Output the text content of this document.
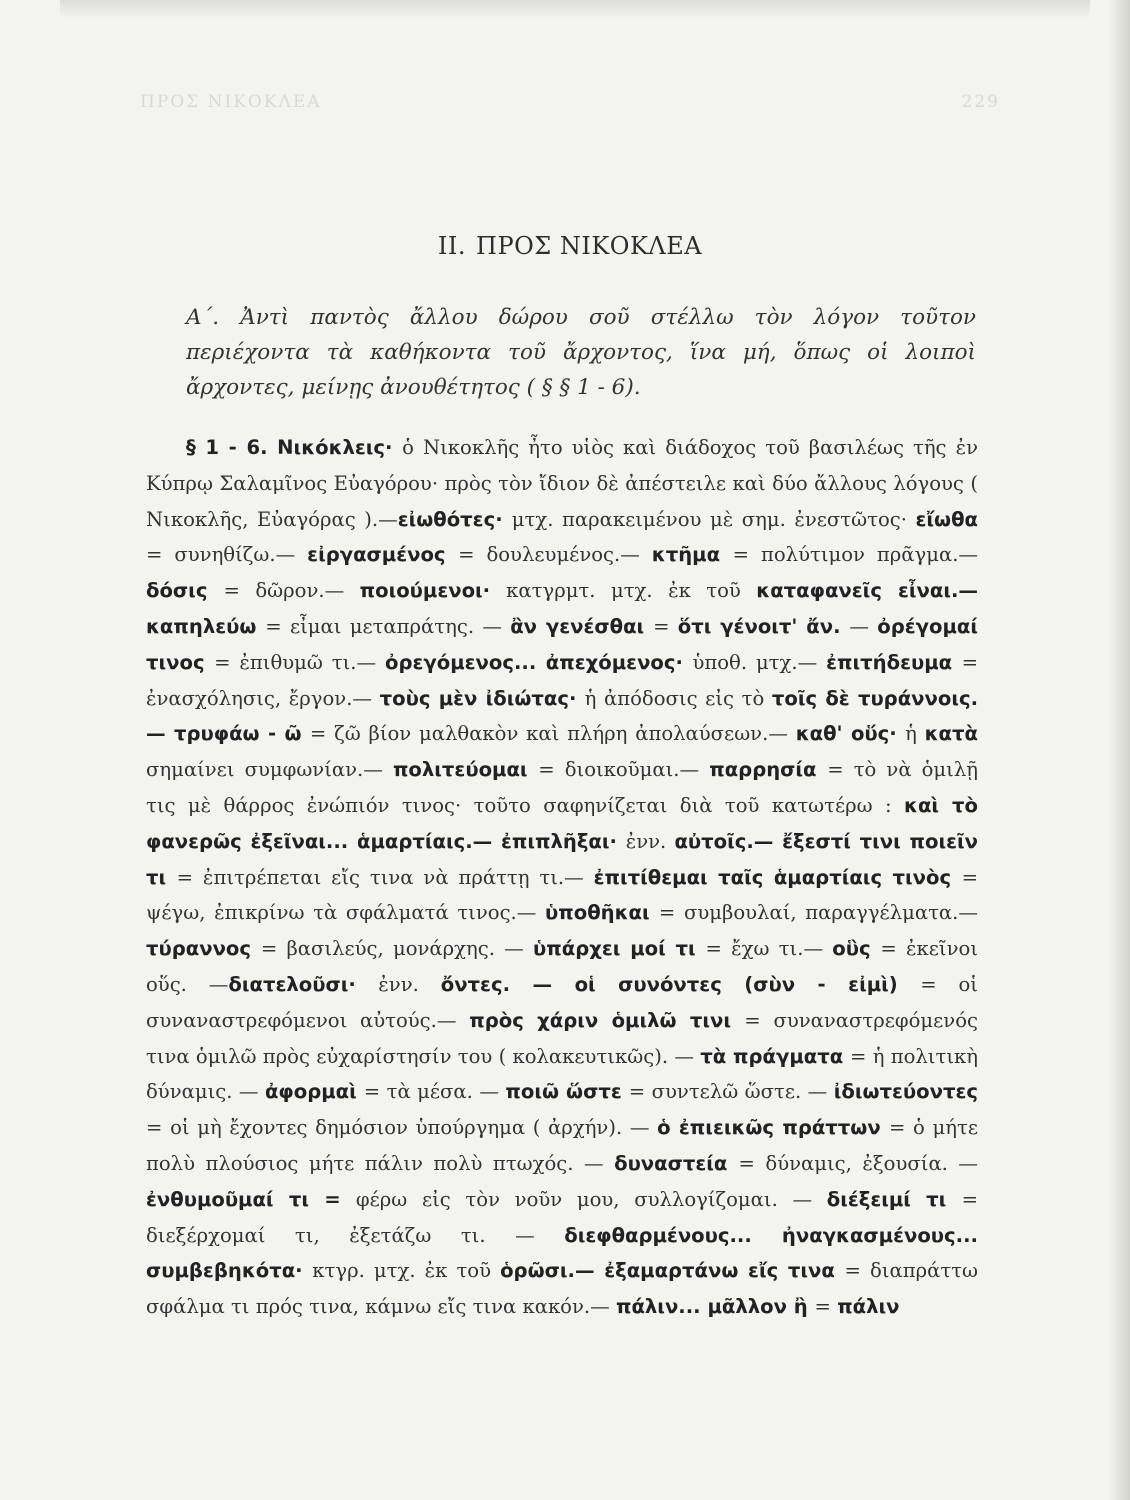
ΠΡΟΣ ΝΙΚΟΚΛΕΑ	229
ΙΙ. ΠΡΟΣ ΝΙΚΟΚΛΕΑ
Α΄. Ἀντὶ παντὸς ἄλλου δώρου σοῦ στέλλω τὸν λόγον τοῦτον περιέχοντα τὰ καθήκοντα τοῦ ἄρχοντος, ἵνα μή, ὅπως οἱ λοιποὶ ἄρχοντες, μείνῃς ἀνουθέτητος ( § § 1 - 6).
§ 1 - 6. Νικόκλεις· ὁ Νικοκλῆς ἦτο υἱὸς καὶ διάδοχος τοῦ βασιλέως τῆς ἐν Κύπρῳ Σαλαμῖνος Εὐαγόρου· πρὸς τὸν ἴδιον δὲ ἀπέστειλε καὶ δύο ἄλλους λόγους ( Νικοκλῆς, Εὐαγόρας ).—εἰωθότες· μτχ. παρακειμένου μὲ σημ. ἐνεστῶτος· εἴωθα = συνηθίζω.— εἰργασμένος = δουλευμένος.— κτῆμα = πολύτιμον πρᾶγμα.— δόσις = δῶρον.— ποιούμενοι· κατγρμτ. μτχ. ἐκ τοῦ καταφανεῖς εἶναι.— καπηλεύω = εἶμαι μεταπράτης. — ἂν γενέσθαι = ὅτι γένοιτ' ἄν. — ὀρέγομαί τινος = ἐπιθυμῶ τι.— ὀρεγόμενος... ἀπεχόμενος· ὑποθ. μτχ.— ἐπιτήδευμα = ἐνασχόλησις, ἔργον.— τοὺς μὲν ἰδιώτας· ἡ ἀπόδοσις εἰς τὸ τοῖς δὲ τυράννοις.— τρυφάω - ῶ = ζῶ βίον μαλθακὸν καὶ πλήρη ἀπολαύσεων.— καθ' οὕς· ἡ κατὰ σημαίνει συμφωνίαν.— πολιτεύομαι = διοικοῦμαι.— παρρησία = τὸ νὰ ὁμιλῇ τις μὲ θάρρος ἐνώπιόν τινος· τοῦτο σαφηνίζεται διὰ τοῦ κατωτέρω : καὶ τὸ φανερῶς ἐξεῖναι... ἁμαρτίαις.— ἐπιπλῆξαι· ἐνν. αὐτοῖς.— ἔξεστί τινι ποιεῖν τι = ἐπιτρέπεται εἴς τινα νὰ πράττῃ τι.— ἐπιτίθεμαι ταῖς ἁμαρτίαις τινὸς = ψέγω, ἐπικρίνω τὰ σφάλματά τινος.— ὑποθῆκαι = συμβουλαί, παραγγέλματα.— τύραννος = βασιλεύς, μονάρχης. — ὑπάρχει μοί τι = ἔχω τι.— οὓς = ἐκεῖνοι οὕς. —διατελοῦσι· ἐνν. ὄντες. — οἱ συνόντες (σὺν - εἰμὶ) = οἱ συναναστρεφόμενοι αὐτούς.— πρὸς χάριν ὁμιλῶ τινι = συναναστρεφόμενός τινα ὁμιλῶ πρὸς εὐχαρίστησίν του ( κολακευτικῶς). — τὰ πράγματα = ἡ πολιτικὴ δύναμις. — ἀφορμαὶ = τὰ μέσα. — ποιῶ ὥστε = συντελῶ ὥστε. — ἰδιωτεύοντες = οἱ μὴ ἔχοντες δημόσιον ὑπούργημα ( ἀρχήν). — ὁ ἐπιεικῶς πράττων = ὁ μήτε πολὺ πλούσιος μήτε πάλιν πολὺ πτωχός. — δυναστεία = δύναμις, ἐξουσία. — ἐνθυμοῦμαί τι = φέρω εἰς τὸν νοῦν μου, συλλογίζομαι. — διέξειμί τι = διεξέρχομαί τι, ἐξετάζω τι. — διεφθαρμένους... ἠναγκασμένους... συμβεβηκότα· κτγρ. μτχ. ἐκ τοῦ ὁρῶσι.— ἐξαμαρτάνω εἴς τινα = διαπράττω σφάλμα τι πρός τινα, κάμνω εἴς τινα κακόν.— πάλιν... μᾶλλον ἢ = πάλιν
